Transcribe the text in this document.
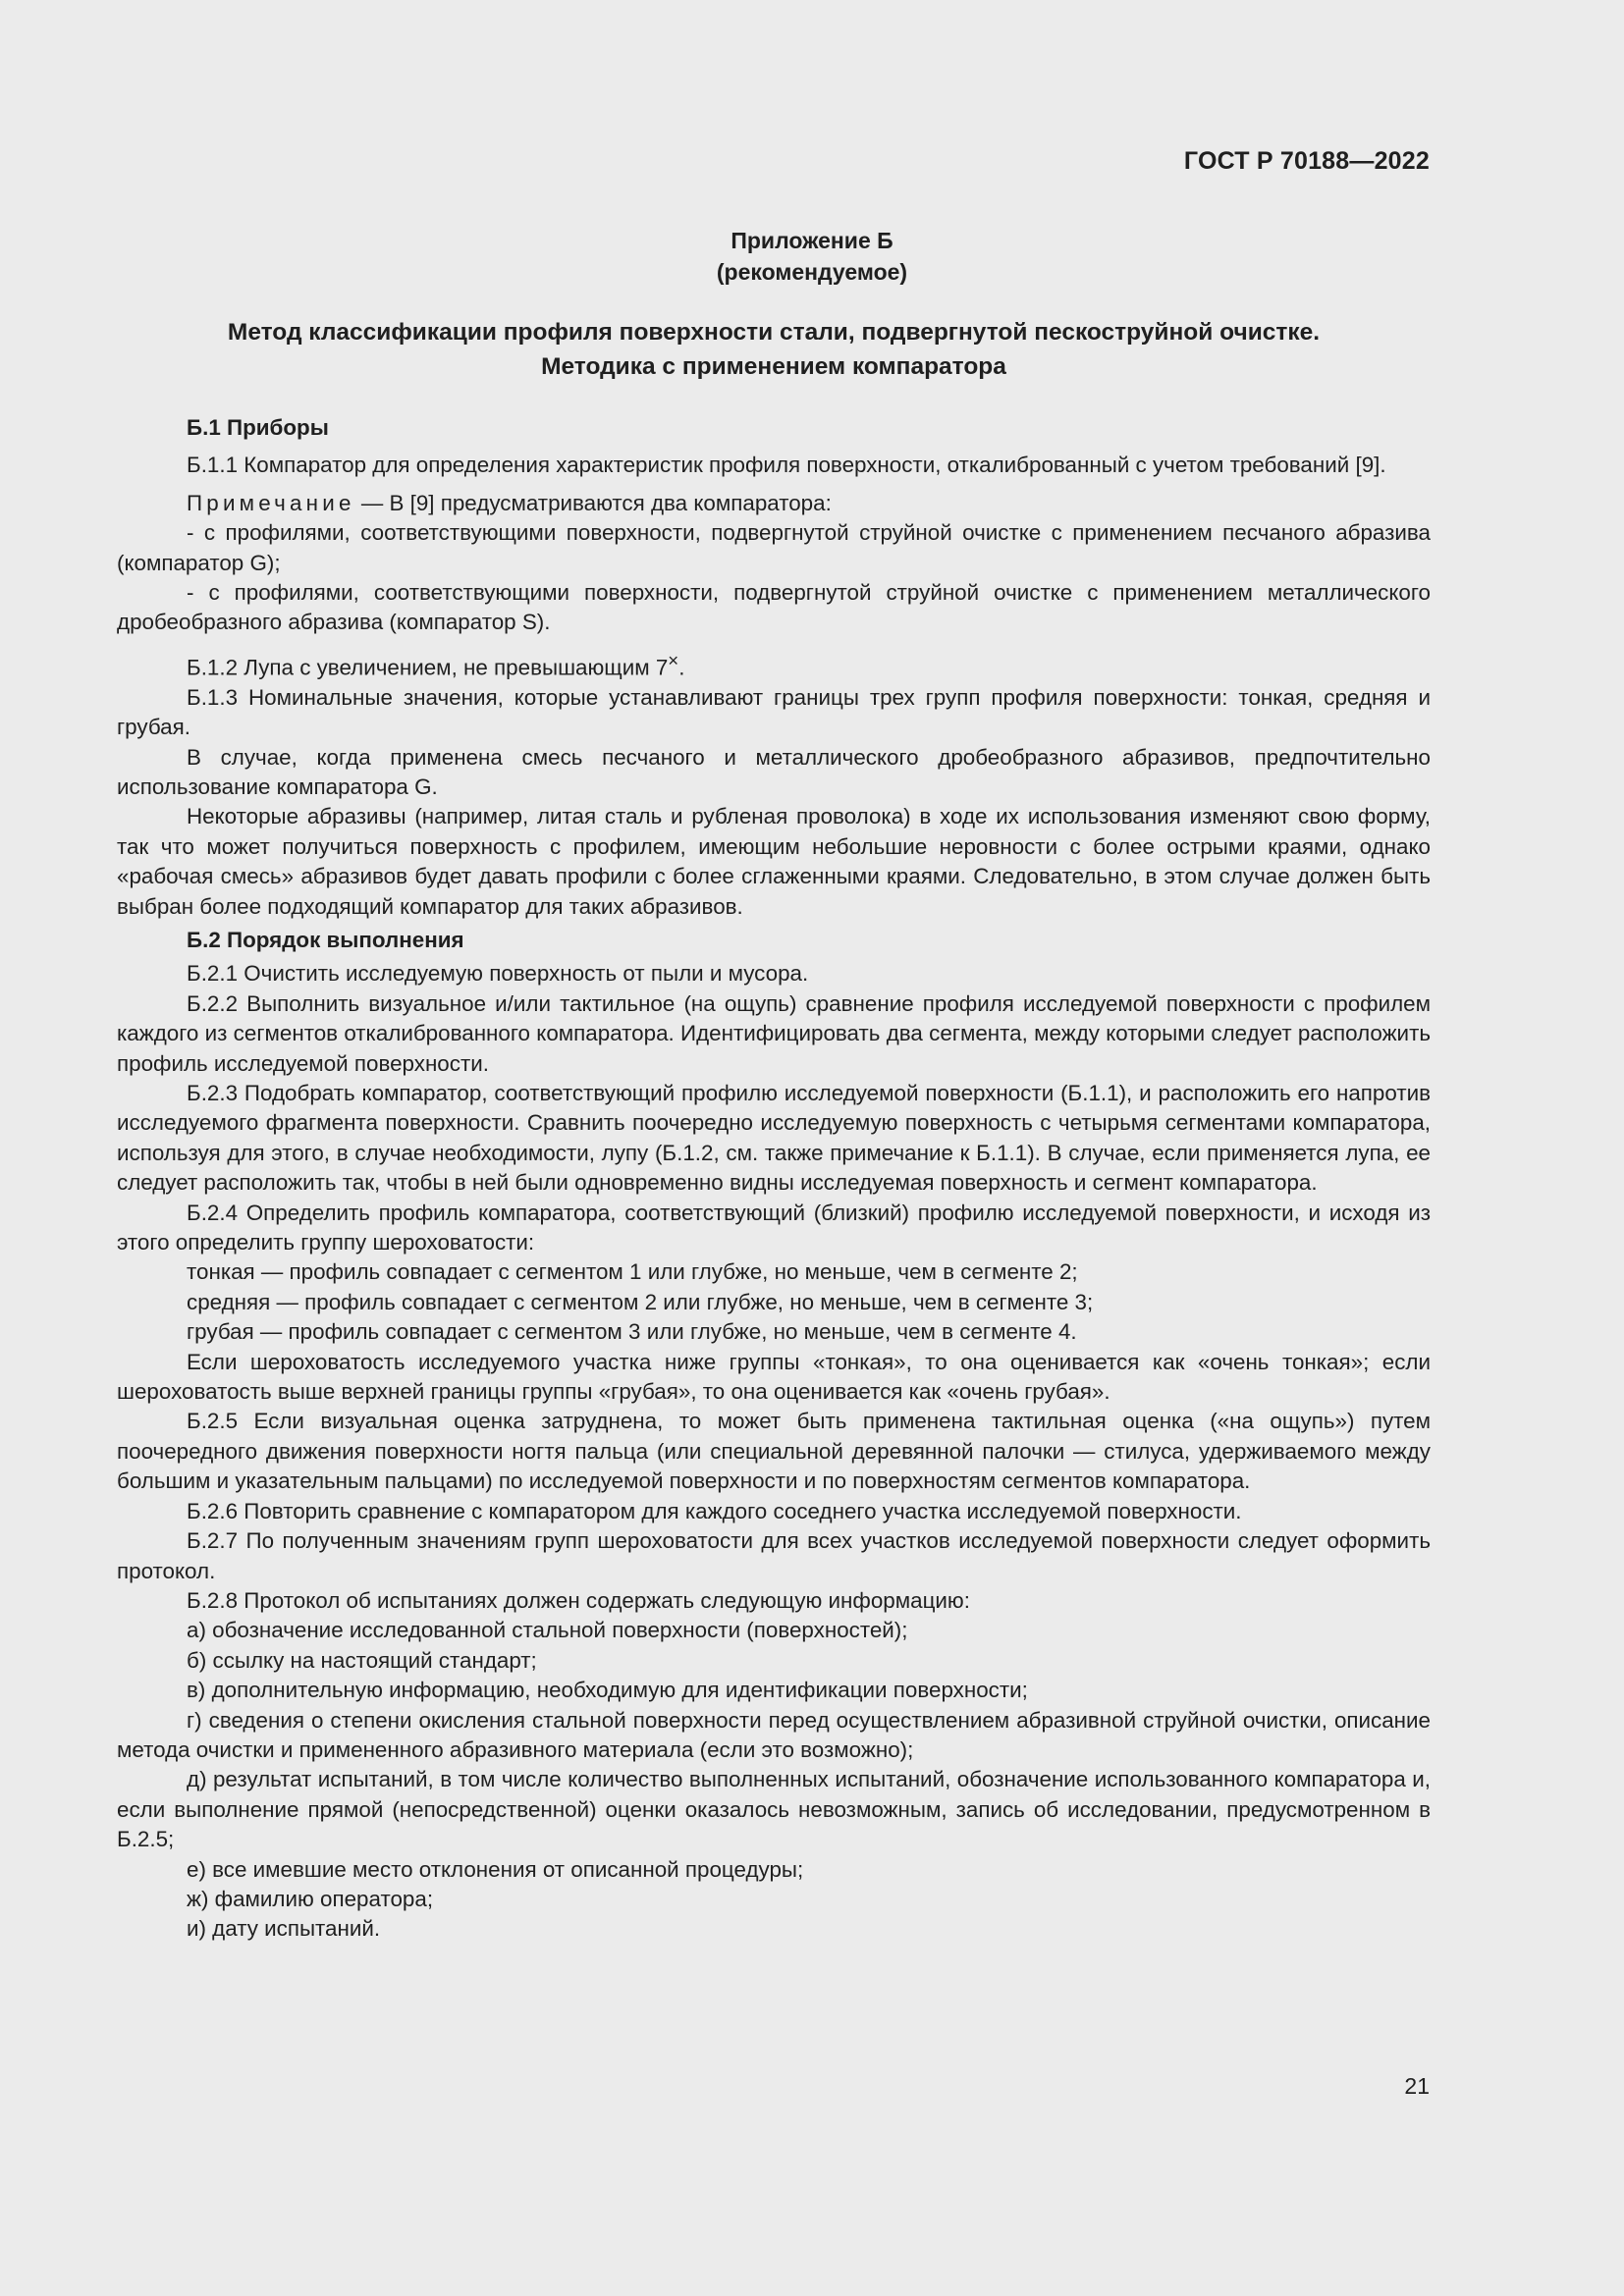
ГОСТ Р 70188—2022
Приложение Б
(рекомендуемое)
Метод классификации профиля поверхности стали, подвергнутой пескоструйной очистке.
Методика с применением компаратора

Б.1 Приборы

Б.1.1 Компаратор для определения характеристик профиля поверхности, откалиброванный с учетом требований [9].

Примечание — В [9] предусматриваются два компаратора:

- с профилями, соответствующими поверхности, подвергнутой струйной очистке с применением песчаного абразива (компаратор G);

- с профилями, соответствующими поверхности, подвергнутой струйной очистке с применением металлического дробеобразного абразива (компаратор S).

Б.1.2 Лупа с увеличением, не превышающим 7×.

Б.1.3 Номинальные значения, которые устанавливают границы трех групп профиля поверхности: тонкая, средняя и грубая.

В случае, когда применена смесь песчаного и металлического дробеобразного абразивов, предпочтительно использование компаратора G.

Некоторые абразивы (например, литая сталь и рубленая проволока) в ходе их использования изменяют свою форму, так что может получиться поверхность с профилем, имеющим небольшие неровности с более острыми краями, однако «рабочая смесь» абразивов будет давать профили с более сглаженными краями. Следовательно, в этом случае должен быть выбран более подходящий компаратор для таких абразивов.

Б.2 Порядок выполнения

Б.2.1 Очистить исследуемую поверхность от пыли и мусора.

Б.2.2 Выполнить визуальное и/или тактильное (на ощупь) сравнение профиля исследуемой поверхности с профилем каждого из сегментов откалиброванного компаратора. Идентифицировать два сегмента, между которыми следует расположить профиль исследуемой поверхности.

Б.2.3 Подобрать компаратор, соответствующий профилю исследуемой поверхности (Б.1.1), и расположить его напротив исследуемого фрагмента поверхности. Сравнить поочередно исследуемую поверхность с четырьмя сегментами компаратора, используя для этого, в случае необходимости, лупу (Б.1.2, см. также примечание к Б.1.1). В случае, если применяется лупа, ее следует расположить так, чтобы в ней были одновременно видны исследуемая поверхность и сегмент компаратора.

Б.2.4 Определить профиль компаратора, соответствующий (близкий) профилю исследуемой поверхности, и исходя из этого определить группу шероховатости:

тонкая — профиль совпадает с сегментом 1 или глубже, но меньше, чем в сегменте 2;

средняя — профиль совпадает с сегментом 2 или глубже, но меньше, чем в сегменте 3;

грубая — профиль совпадает с сегментом 3 или глубже, но меньше, чем в сегменте 4.

Если шероховатость исследуемого участка ниже группы «тонкая», то она оценивается как «очень тонкая»; если шероховатость выше верхней границы группы «грубая», то она оценивается как «очень грубая».

Б.2.5 Если визуальная оценка затруднена, то может быть применена тактильная оценка («на ощупь») путем поочередного движения поверхности ногтя пальца (или специальной деревянной палочки — стилуса, удерживаемого между большим и указательным пальцами) по исследуемой поверхности и по поверхностям сегментов компаратора.

Б.2.6 Повторить сравнение с компаратором для каждого соседнего участка исследуемой поверхности.

Б.2.7 По полученным значениям групп шероховатости для всех участков исследуемой поверхности следует оформить протокол.

Б.2.8 Протокол об испытаниях должен содержать следующую информацию:

а) обозначение исследованной стальной поверхности (поверхностей);

б) ссылку на настоящий стандарт;

в) дополнительную информацию, необходимую для идентификации поверхности;

г) сведения о степени окисления стальной поверхности перед осуществлением абразивной струйной очистки, описание метода очистки и примененного абразивного материала (если это возможно);

д) результат испытаний, в том числе количество выполненных испытаний, обозначение использованного компаратора и, если выполнение прямой (непосредственной) оценки оказалось невозможным, запись об исследовании, предусмотренном в Б.2.5;

е) все имевшие место отклонения от описанной процедуры;

ж) фамилию оператора;

и) дату испытаний.

21
